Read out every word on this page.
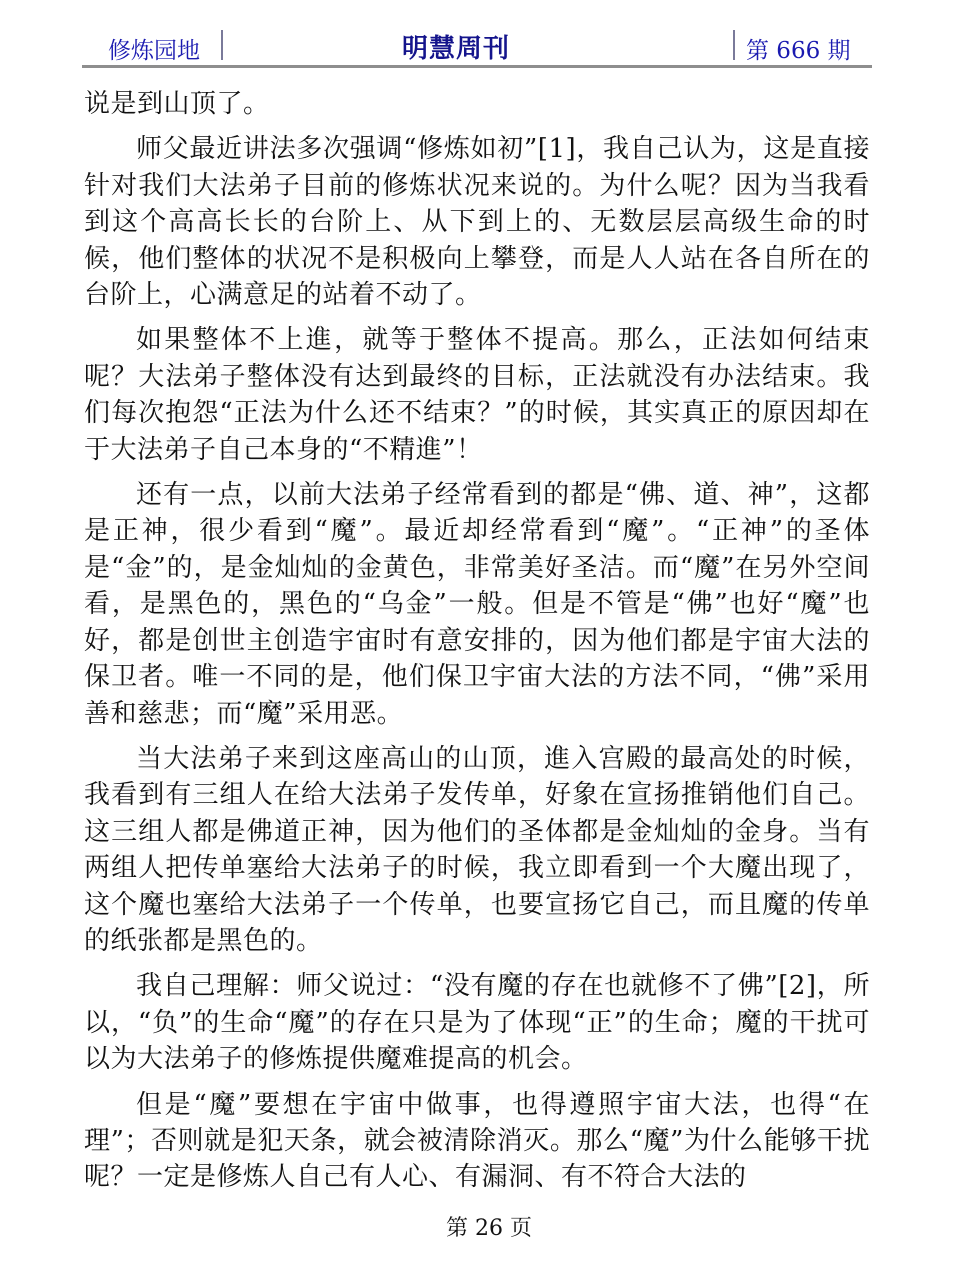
修炼园地	明慧周刊	第 666 期

说是到山顶了。

师父最近讲法多次强调“修炼如初”[1]，我自己认为，这是直接针对我们大法弟子目前的修炼状况来说的。为什么呢？因为当我看到这个高高长长的台阶上、从下到上的、无数层层高级生命的时候，他们整体的状况不是积极向上攀登，而是人人站在各自所在的台阶上，心满意足的站着不动了。

如果整体不上進，就等于整体不提高。那么，正法如何结束呢？大法弟子整体没有达到最终的目标，正法就没有办法结束。我们每次抱怨“正法为什么还不结束？”的时候，其实真正的原因却在于大法弟子自己本身的“不精進”！

还有一点，以前大法弟子经常看到的都是“佛、道、神”，这都是正神，很少看到“魔”。最近却经常看到“魔”。“正神”的圣体是“金”的，是金灿灿的金黄色，非常美好圣洁。而“魔”在另外空间看，是黑色的，黑色的“乌金”一般。但是不管是“佛”也好“魔”也好，都是创世主创造宇宙时有意安排的，因为他们都是宇宙大法的保卫者。唯一不同的是，他们保卫宇宙大法的方法不同，“佛”采用善和慈悲；而“魔”采用恶。

当大法弟子来到这座高山的山顶，進入宫殿的最高处的时候，我看到有三组人在给大法弟子发传单，好象在宣扬推销他们自己。这三组人都是佛道正神，因为他们的圣体都是金灿灿的金身。当有两组人把传单塞给大法弟子的时候，我立即看到一个大魔出现了，这个魔也塞给大法弟子一个传单，也要宣扬它自己，而且魔的传单的纸张都是黑色的。

我自己理解：师父说过：“没有魔的存在也就修不了佛”[2]，所以，“负”的生命“魔”的存在只是为了体现“正”的生命；魔的干扰可以为大法弟子的修炼提供魔难提高的机会。

但是“魔”要想在宇宙中做事，也得遵照宇宙大法，也得“在理”；否则就是犯天条，就会被清除消灭。那么“魔”为什么能够干扰呢？一定是修炼人自己有人心、有漏洞、有不符合大法的

第 26 页
